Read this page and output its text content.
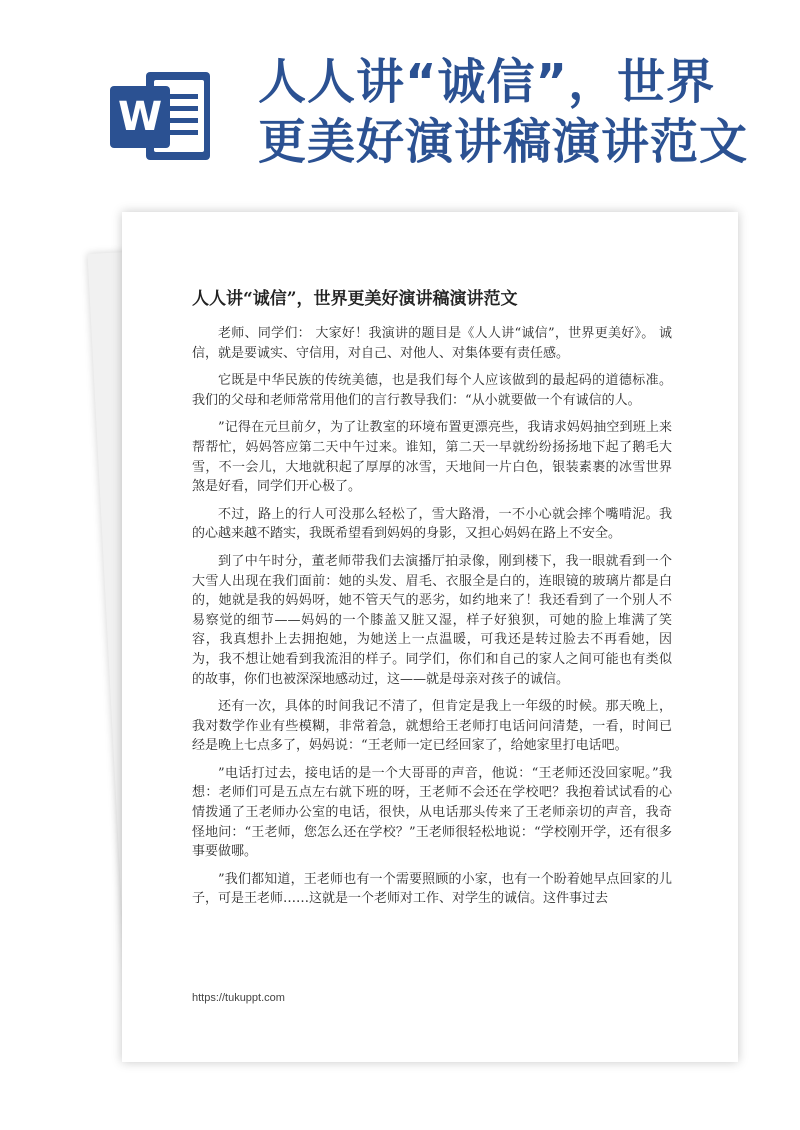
W
人人讲“诚信”，世界
更美好演讲稿演讲范文
人人讲“诚信”，世界更美好演讲稿演讲范文

老师、同学们： 大家好！我演讲的题目是《人人讲“诚信”，世界更美好》。 诚信，就是要诚实、守信用，对自己、对他人、对集体要有责任感。

它既是中华民族的传统美德，也是我们每个人应该做到的最起码的道德标准。我们的父母和老师常常用他们的言行教导我们：“从小就要做一个有诚信的人。

”记得在元旦前夕，为了让教室的环境布置更漂亮些，我请求妈妈抽空到班上来帮帮忙，妈妈答应第二天中午过来。谁知，第二天一早就纷纷扬扬地下起了鹅毛大雪，不一会儿，大地就积起了厚厚的冰雪，天地间一片白色，银装素裹的冰雪世界煞是好看，同学们开心极了。

不过，路上的行人可没那么轻松了，雪大路滑，一不小心就会摔个嘴啃泥。我的心越来越不踏实，我既希望看到妈妈的身影，又担心妈妈在路上不安全。

到了中午时分，董老师带我们去演播厅拍录像，刚到楼下，我一眼就看到一个大雪人出现在我们面前：她的头发、眉毛、衣服全是白的，连眼镜的玻璃片都是白的，她就是我的妈妈呀，她不管天气的恶劣，如约地来了！我还看到了一个别人不易察觉的细节——妈妈的一个膝盖又脏又湿，样子好狼狈，可她的脸上堆满了笑容，我真想扑上去拥抱她，为她送上一点温暖，可我还是转过脸去不再看她，因为，我不想让她看到我流泪的样子。同学们，你们和自己的家人之间可能也有类似的故事，你们也被深深地感动过，这——就是母亲对孩子的诚信。

还有一次，具体的时间我记不清了，但肯定是我上一年级的时候。那天晚上，我对数学作业有些模糊，非常着急，就想给王老师打电话问问清楚，一看，时间已经是晚上七点多了，妈妈说：“王老师一定已经回家了，给她家里打电话吧。

”电话打过去，接电话的是一个大哥哥的声音，他说：“王老师还没回家呢。”我想：老师们可是五点左右就下班的呀，王老师不会还在学校吧？我抱着试试看的心情拨通了王老师办公室的电话，很快，从电话那头传来了王老师亲切的声音，我奇怪地问：“王老师，您怎么还在学校？”王老师很轻松地说：“学校刚开学，还有很多事要做哪。

”我们都知道，王老师也有一个需要照顾的小家，也有一个盼着她早点回家的儿子，可是王老师……这就是一个老师对工作、对学生的诚信。这件事过去

https://tukuppt.com
